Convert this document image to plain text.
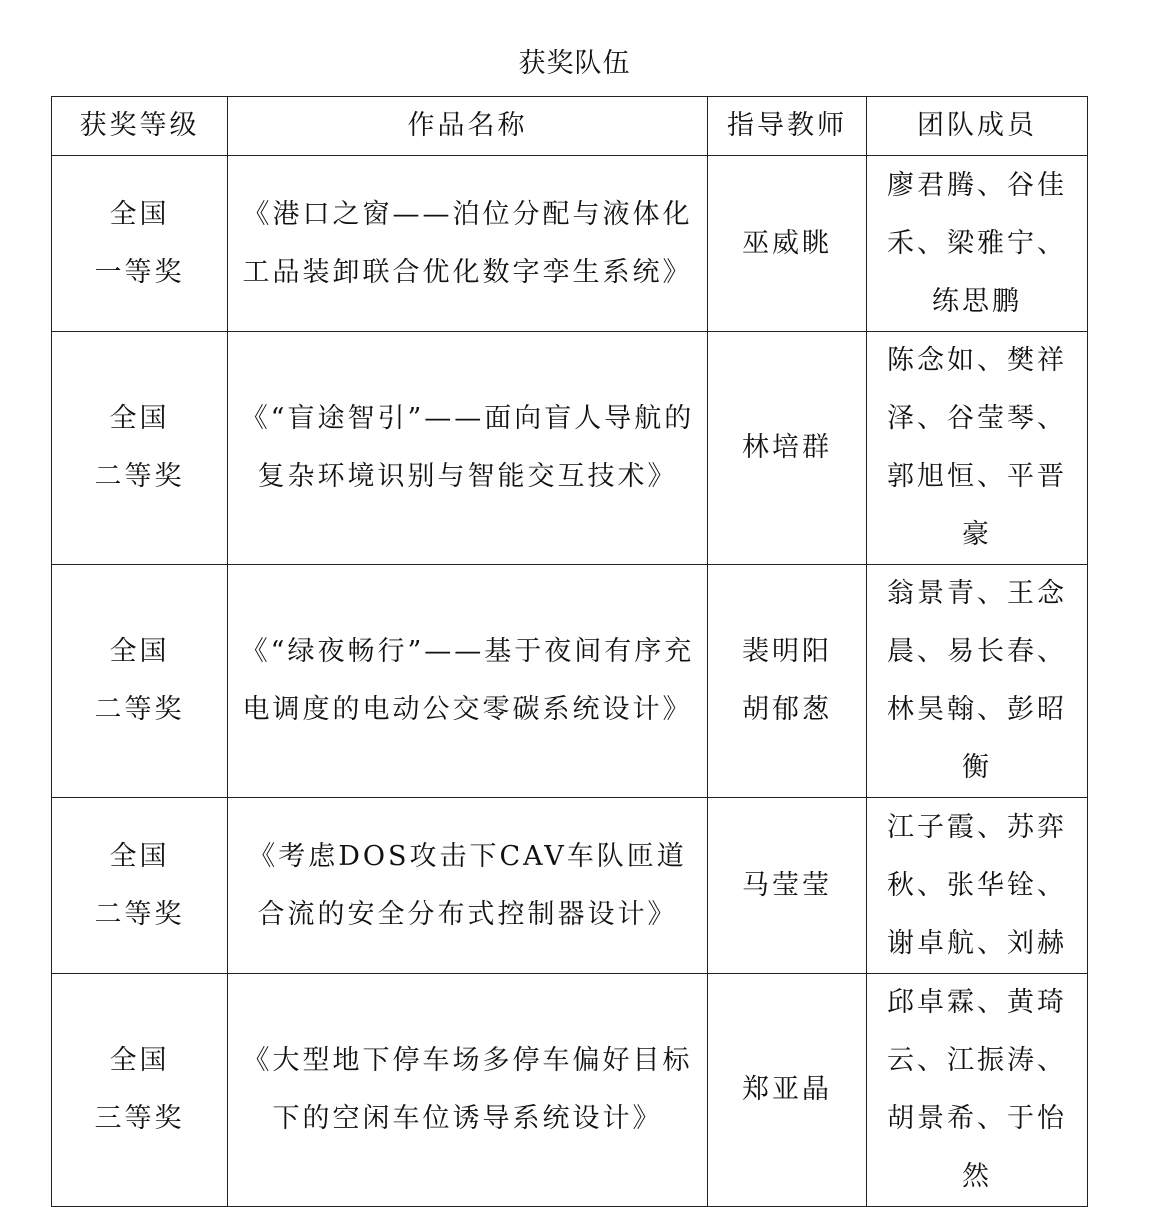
获奖队伍
获奖等级	作品名称	指导教师	团队成员

全国
一等奖	《港口之窗——泊位分配与液体化工品装卸联合优化数字孪生系统》	巫威眺	廖君腾、谷佳禾、梁雅宁、练思鹏

全国
二等奖	《“盲途智引”——面向盲人导航的复杂环境识别与智能交互技术》	林培群	陈念如、樊祥泽、谷莹琴、郭旭恒、平晋豪

全国
二等奖	《“绿夜畅行”——基于夜间有序充电调度的电动公交零碳系统设计》	裴明阳
胡郁葱	翁景青、王念晨、易长春、林昊翰、彭昭衡

全国
二等奖	《考虑DOS攻击下CAV车队匝道合流的安全分布式控制器设计》	马莹莹	江子霞、苏弈秋、张华铨、谢卓航、刘赫

全国
三等奖	《大型地下停车场多停车偏好目标下的空闲车位诱导系统设计》	郑亚晶	邱卓霖、黄琦云、江振涛、胡景希、于怡然
